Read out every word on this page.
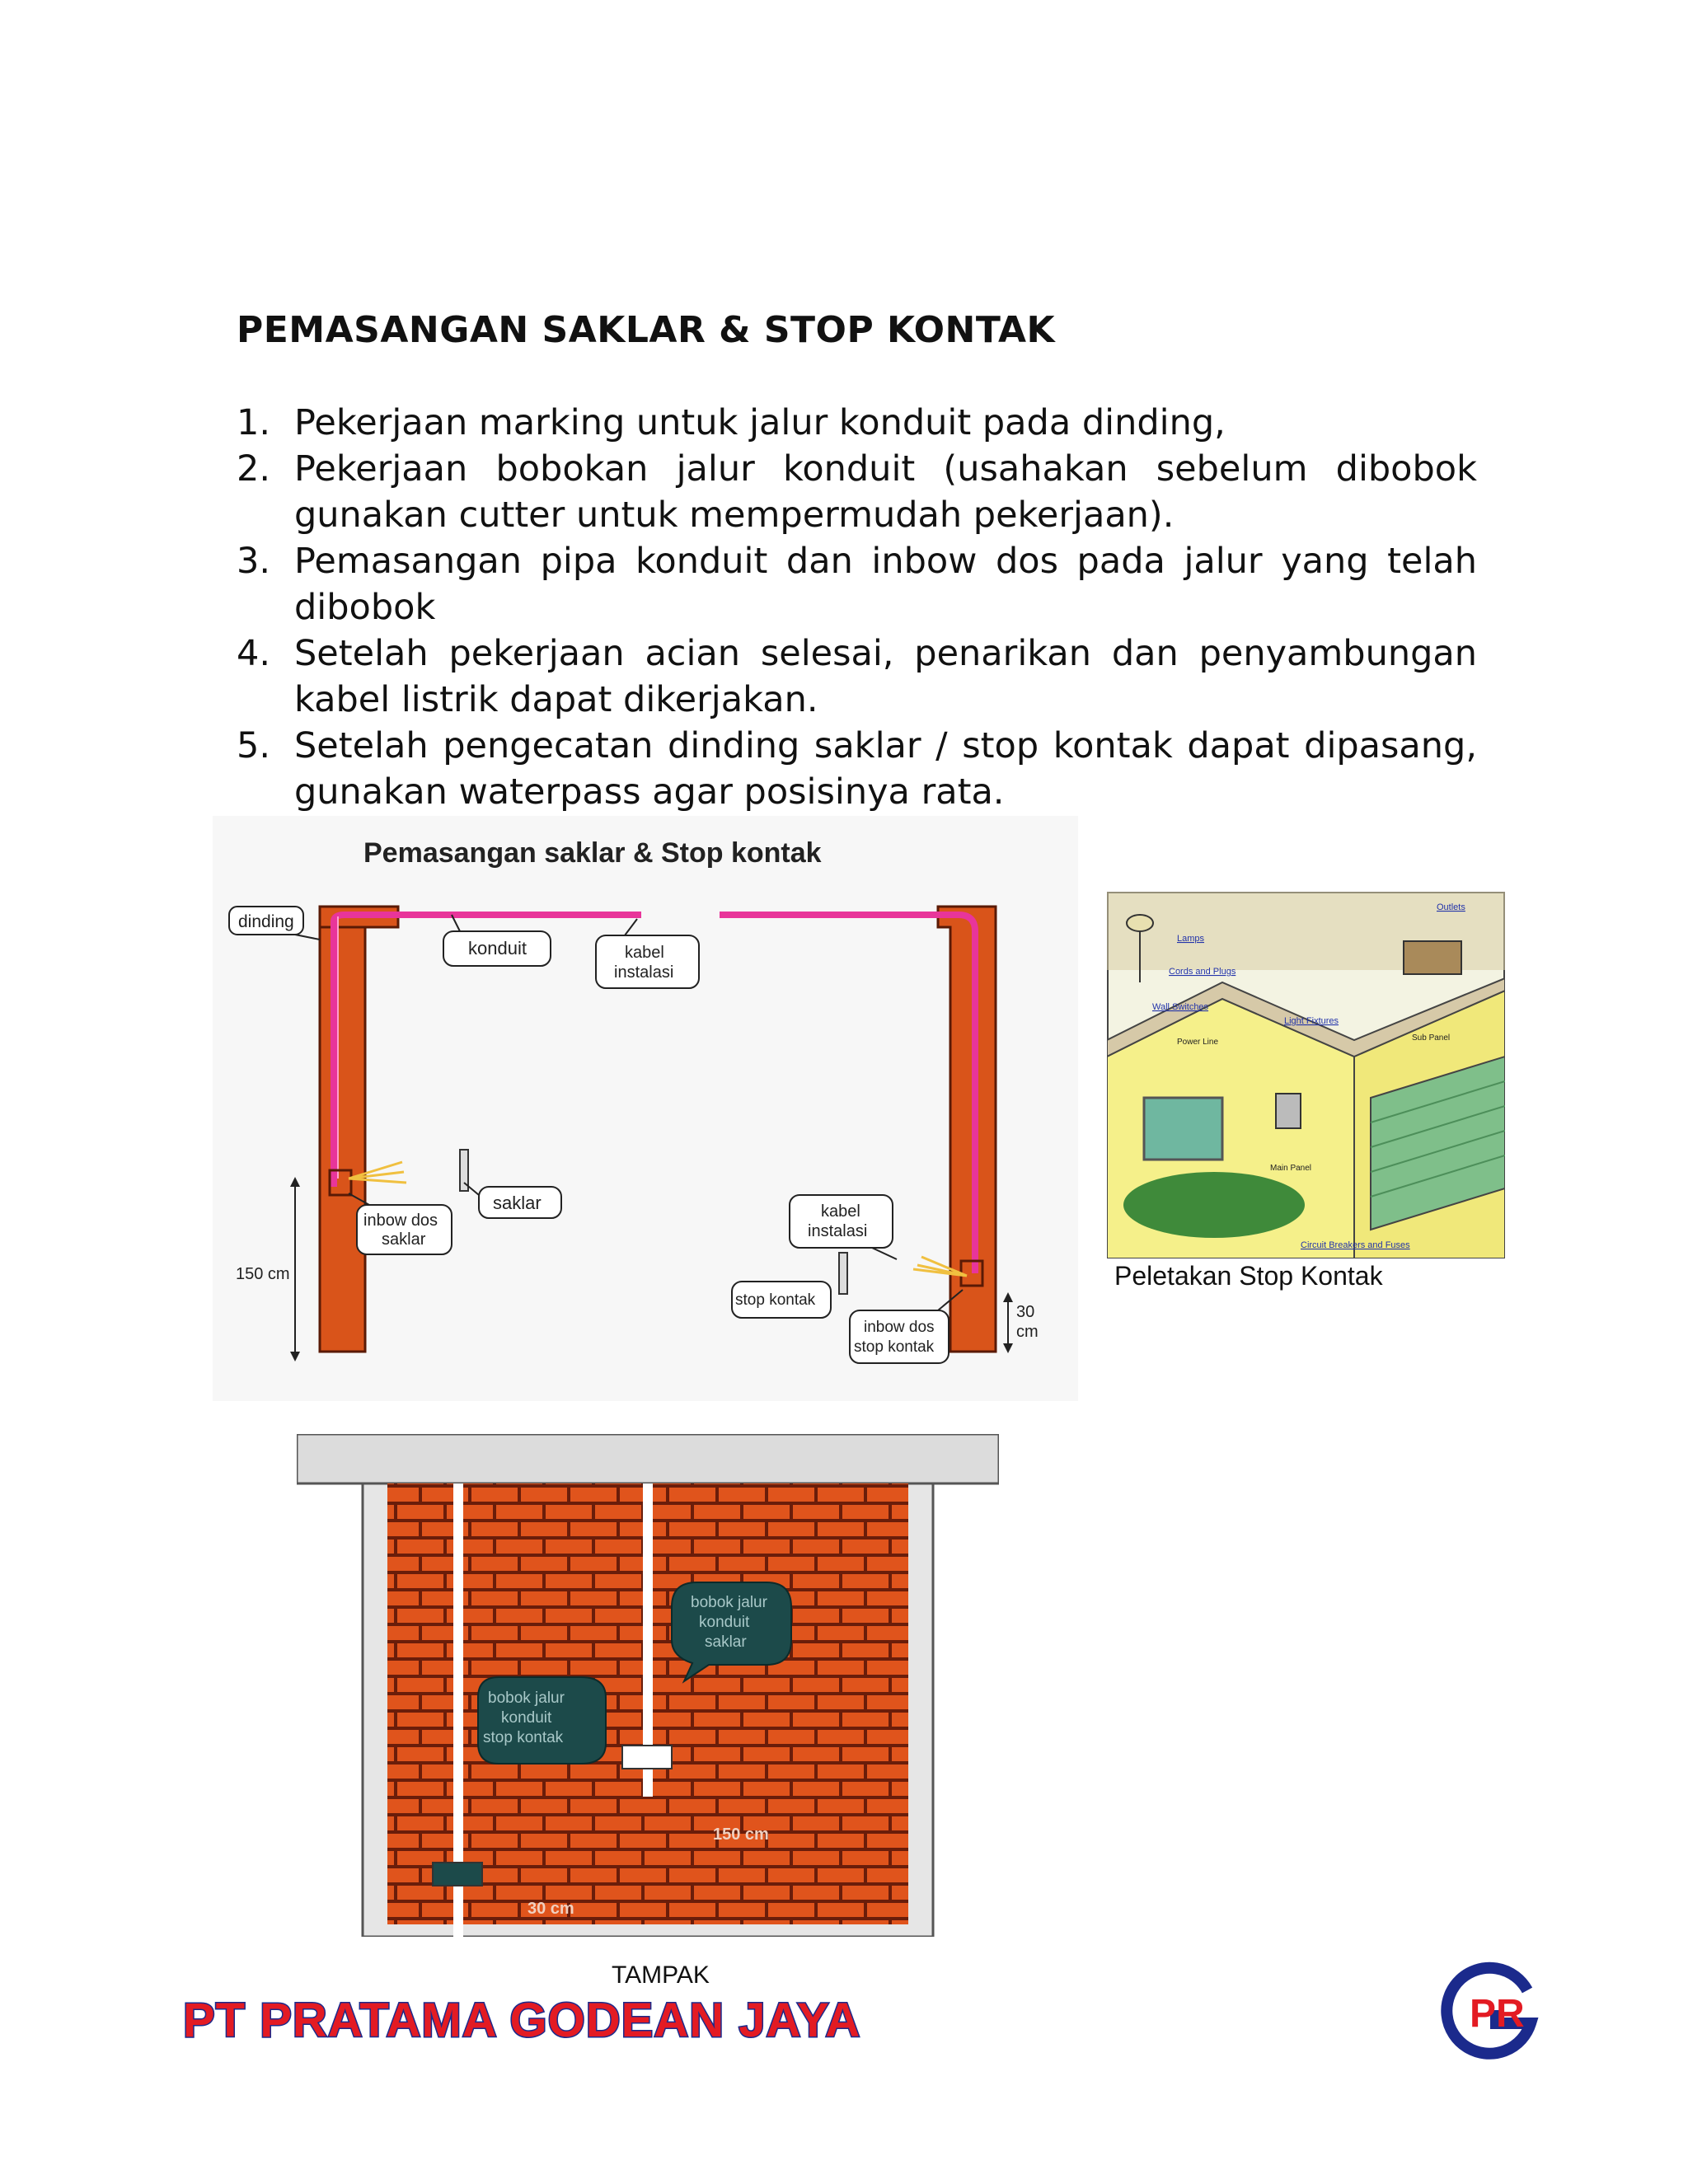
PEMASANGAN SAKLAR & STOP KONTAK
1. Pekerjaan marking untuk jalur konduit pada dinding,
2. Pekerjaan bobokan jalur konduit (usahakan sebelum dibobok gunakan cutter untuk mempermudah pekerjaan).
3. Pemasangan pipa konduit dan inbow dos pada jalur yang telah dibobok
4. Setelah pekerjaan acian selesai, penarikan dan penyambungan kabel listrik dapat dikerjakan.
5. Setelah pengecatan dinding saklar / stop kontak dapat dipasang, gunakan waterpass agar posisinya rata.
Pemasangan saklar & Stop kontak
dinding
konduit	kabel
instalasi
saklar
inbow dos
saklar
150 cm
kabel
instalasi
stop kontak
inbow dos
stop kontak
30
cm
Outlets
Lamps
Cords and Plugs
Wall Switches
Light Fixtures
Power Line	Sub Panel
Main Panel
Circuit Breakers and Fuses
Peletakan Stop Kontak
bobok jalur
konduit
saklar
bobok jalur
konduit
stop kontak
150 cm
30 cm
TAMPAK
PT PRATAMA GODEAN JAYA	PR
